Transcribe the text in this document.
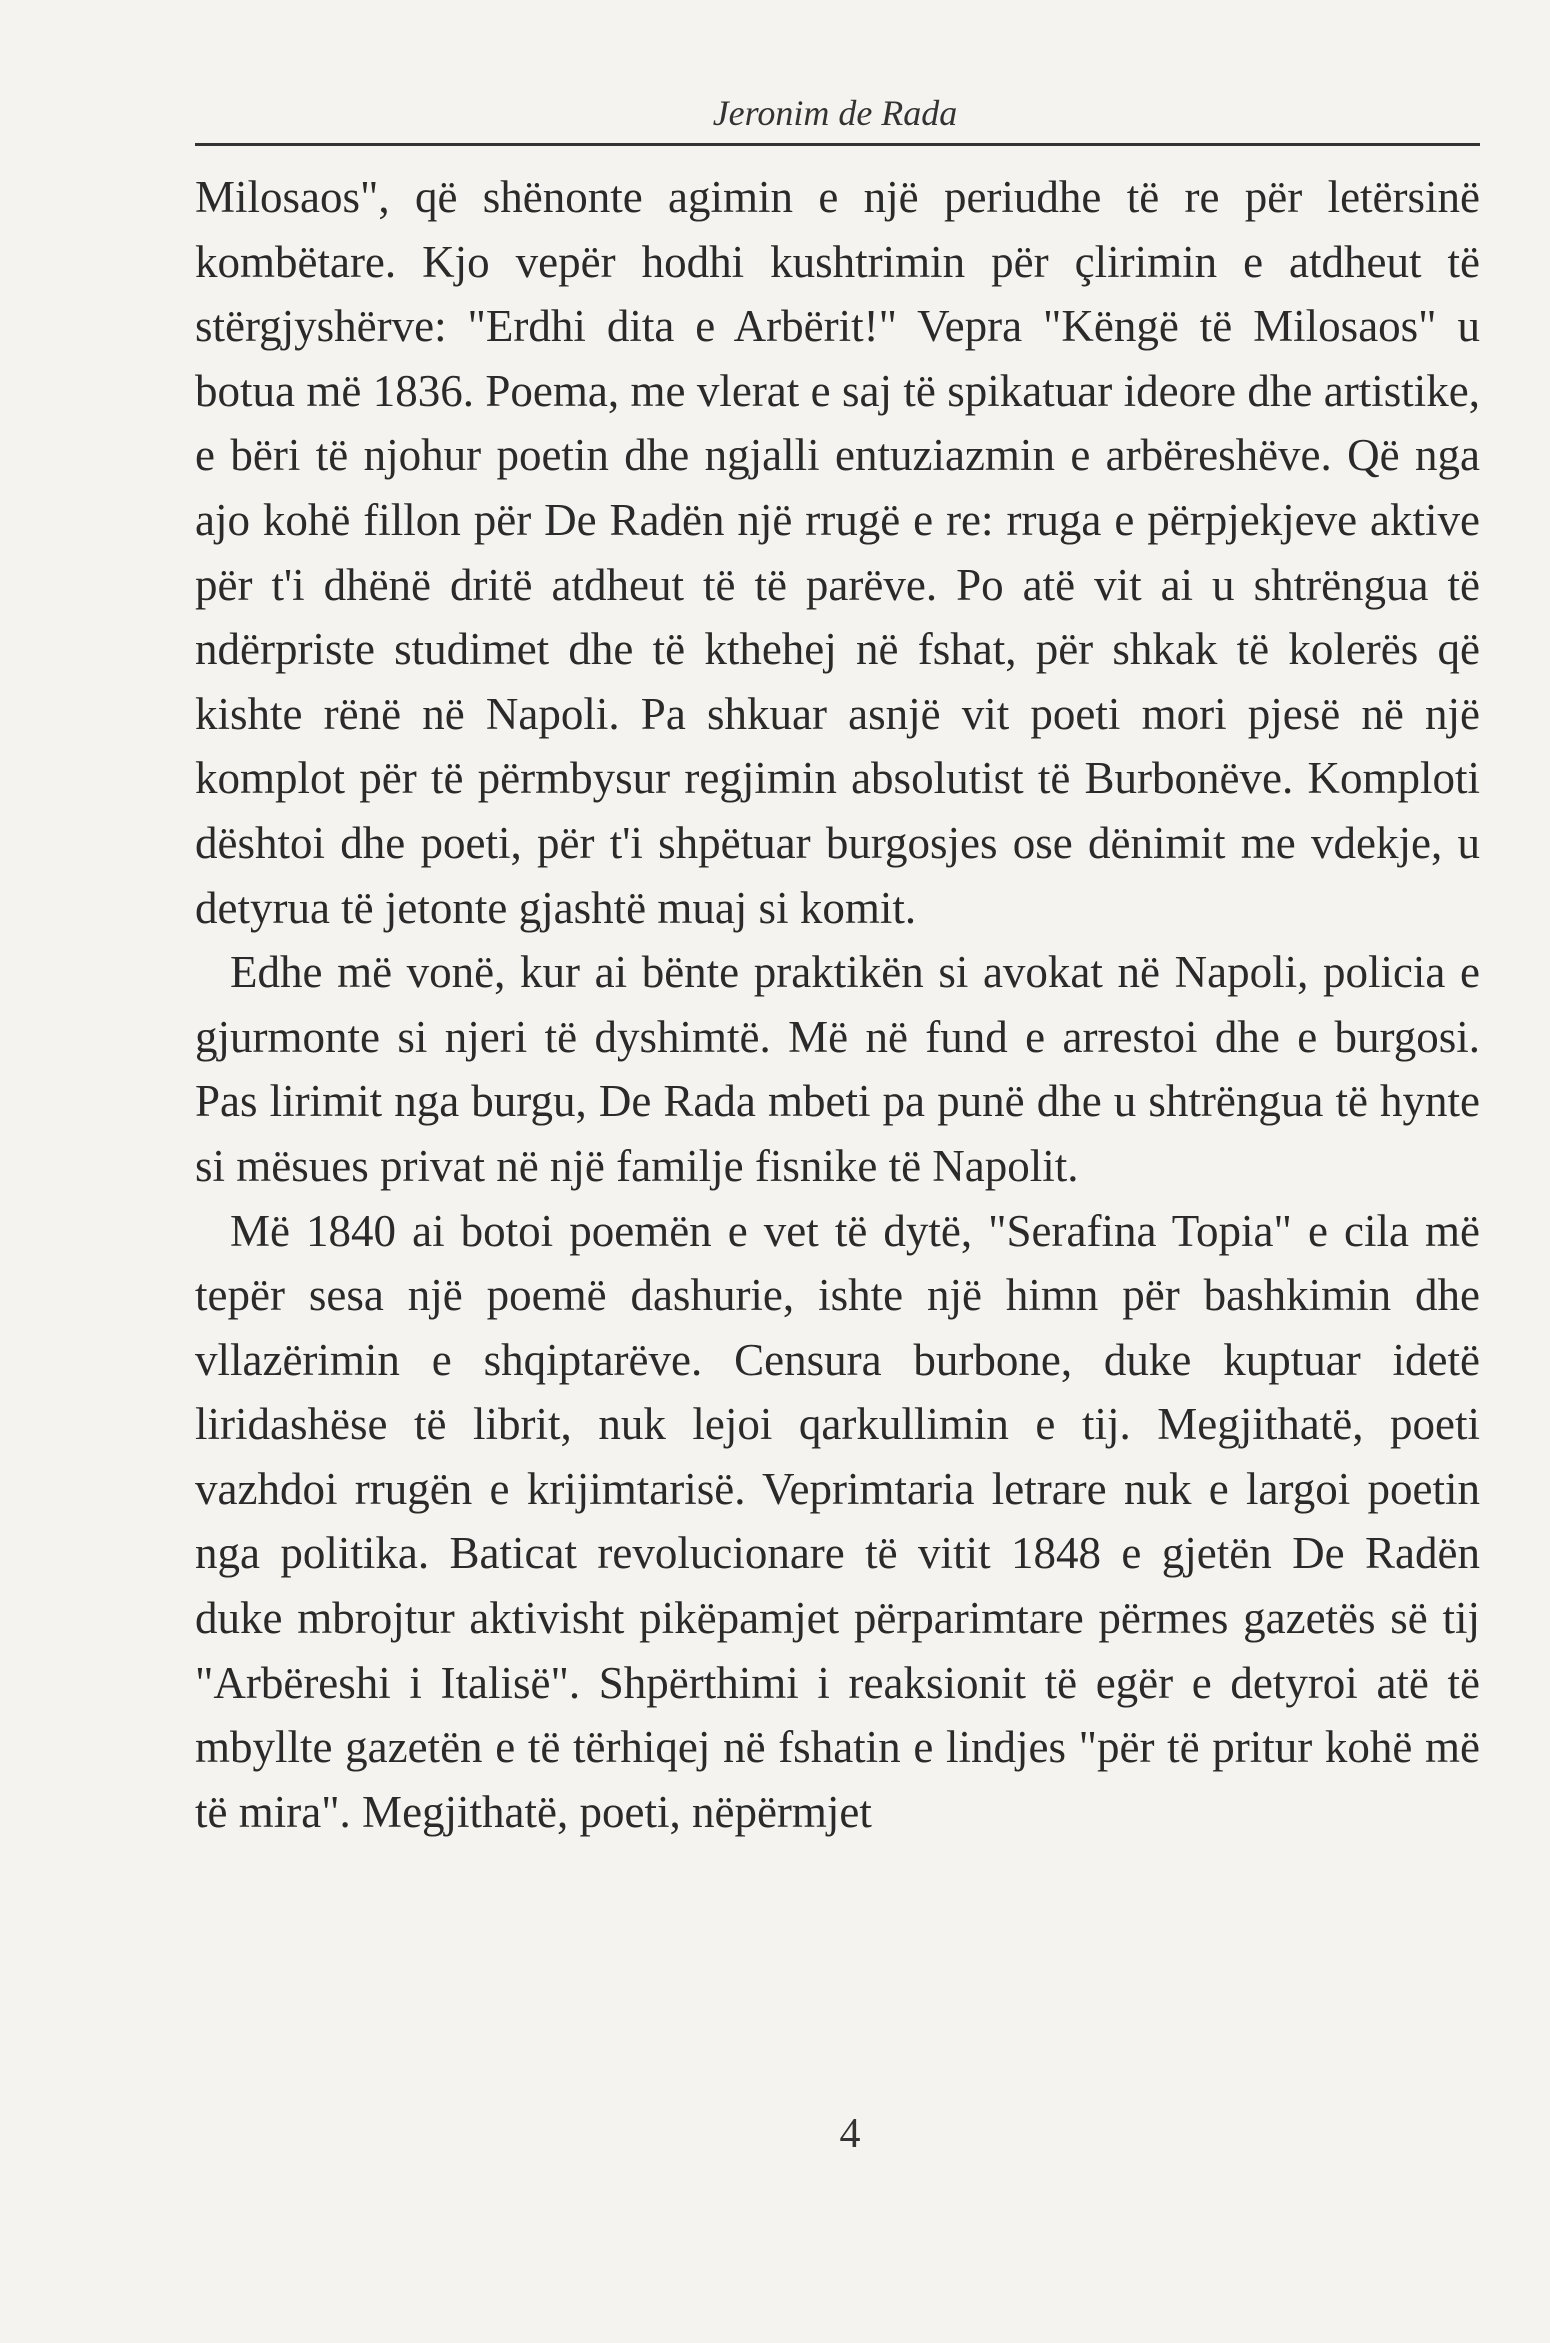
Jeronim de Rada

Milosaos", që shënonte agimin e një periudhe të re për letërsinë kombëtare. Kjo vepër hodhi kushtrimin për çlirimin e atdheut të stërgjyshërve: "Erdhi dita e Arbërit!" Vepra "Këngë të Milosaos" u botua më 1836. Poema, me vlerat e saj të spikatuar ideore dhe artistike, e bëri të njohur poetin dhe ngjalli entuziazmin e arbëreshëve. Që nga ajo kohë fillon për De Radën një rrugë e re: rruga e përpjekjeve aktive për t'i dhënë dritë atdheut të të parëve. Po atë vit ai u shtrëngua të ndërpriste studimet dhe të kthehej në fshat, për shkak të kolerës që kishte rënë në Napoli. Pa shkuar asnjë vit poeti mori pjesë në një komplot për të përmbysur regjimin absolutist të Burbonëve. Komploti dështoi dhe poeti, për t'i shpëtuar burgosjes ose dënimit me vdekje, u detyrua të jetonte gjashtë muaj si komit.

Edhe më vonë, kur ai bënte praktikën si avokat në Napoli, policia e gjurmonte si njeri të dyshimtë. Më në fund e arrestoi dhe e burgosi. Pas lirimit nga burgu, De Rada mbeti pa punë dhe u shtrëngua të hynte si mësues privat në një familje fisnike të Napolit.

Më 1840 ai botoi poemën e vet të dytë, "Serafina Topia" e cila më tepër sesa një poemë dashurie, ishte një himn për bashkimin dhe vllazërimin e shqiptarëve. Censura burbone, duke kuptuar idetë liridashëse të librit, nuk lejoi qarkullimin e tij. Megjithatë, poeti vazhdoi rrugën e krijimtarisë. Veprimtaria letrare nuk e largoi poetin nga politika. Baticat revolucionare të vitit 1848 e gjetën De Radën duke mbrojtur aktivisht pikëpamjet përparimtare përmes gazetës së tij "Arbëreshi i Italisë". Shpërthimi i reaksionit të egër e detyroi atë të mbyllte gazetën e të tërhiqej në fshatin e lindjes "për të pritur kohë më të mira". Megjithatë, poeti, nëpërmjet

4
